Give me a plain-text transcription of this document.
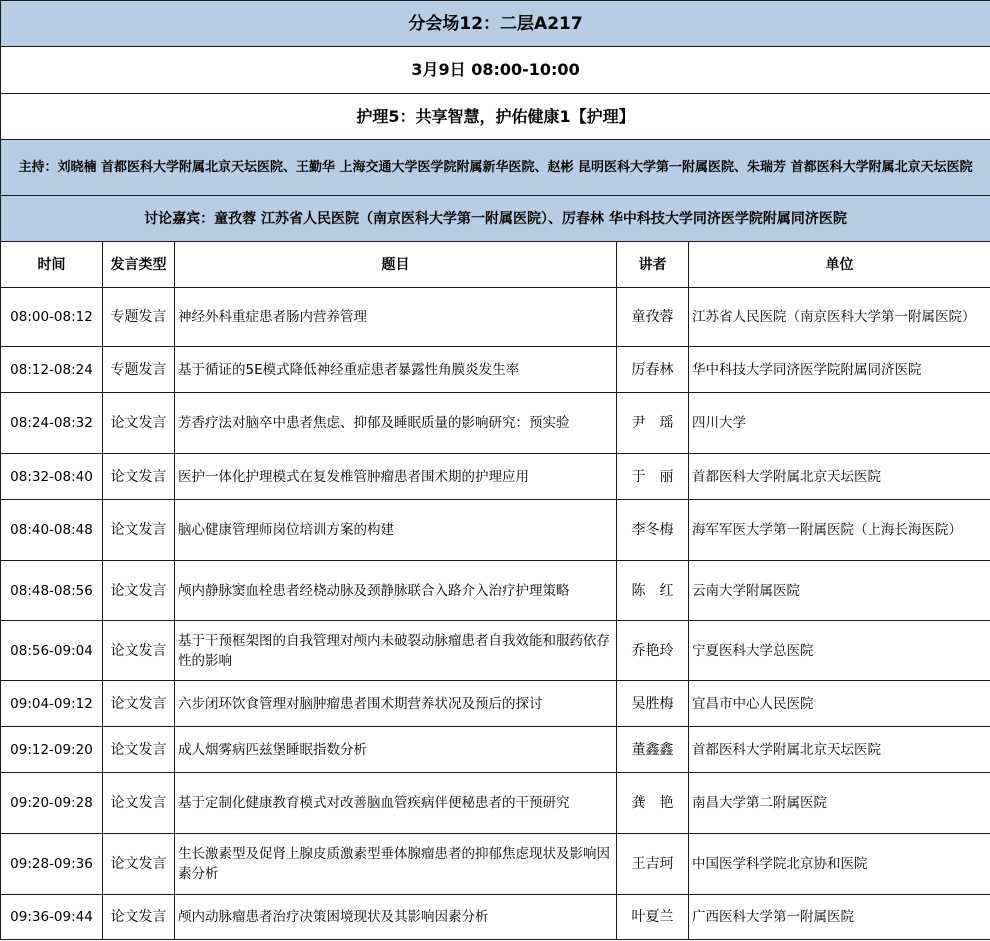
分会场12：二层A217				
3月9日 08:00-10:00				
护理5：共享智慧，护佑健康1【护理】				
主持：刘晓楠 首都医科大学附属北京天坛医院、王勤华 上海交通大学医学院附属新华医院、赵彬 昆明医科大学第一附属医院、朱瑞芳 首都医科大学附属北京天坛医院				
讨论嘉宾：童孜蓉 江苏省人民医院（南京医科大学第一附属医院）、厉春林 华中科技大学同济医学院附属同济医院				
时间	发言类型	题目	讲者	单位
08:00-08:12	专题发言	神经外科重症患者肠内营养管理	童孜蓉	江苏省人民医院（南京医科大学第一附属医院）
08:12-08:24	专题发言	基于循证的5E模式降低神经重症患者暴露性角膜炎发生率	厉春林	华中科技大学同济医学院附属同济医院
08:24-08:32	论文发言	芳香疗法对脑卒中患者焦虑、抑郁及睡眠质量的影响研究：预实验	尹　瑶	四川大学
08:32-08:40	论文发言	医护一体化护理模式在复发椎管肿瘤患者围术期的护理应用	于　丽	首都医科大学附属北京天坛医院
08:40-08:48	论文发言	脑心健康管理师岗位培训方案的构建	李冬梅	海军军医大学第一附属医院（上海长海医院）
08:48-08:56	论文发言	颅内静脉窦血栓患者经桡动脉及颈静脉联合入路介入治疗护理策略	陈　红	云南大学附属医院
08:56-09:04	论文发言	基于干预框架图的自我管理对颅内未破裂动脉瘤患者自我效能和服药依存性的影响	乔艳玲	宁夏医科大学总医院
09:04-09:12	论文发言	六步闭环饮食管理对脑肿瘤患者围术期营养状况及预后的探讨	吴胜梅	宜昌市中心人民医院
09:12-09:20	论文发言	成人烟雾病匹兹堡睡眠指数分析	董鑫鑫	首都医科大学附属北京天坛医院
09:20-09:28	论文发言	基于定制化健康教育模式对改善脑血管疾病伴便秘患者的干预研究	龚　艳	南昌大学第二附属医院
09:28-09:36	论文发言	生长激素型及促肾上腺皮质激素型垂体腺瘤患者的抑郁焦虑现状及影响因素分析	王吉珂	中国医学科学院北京协和医院
09:36-09:44	论文发言	颅内动脉瘤患者治疗决策困境现状及其影响因素分析	叶夏兰	广西医科大学第一附属医院
